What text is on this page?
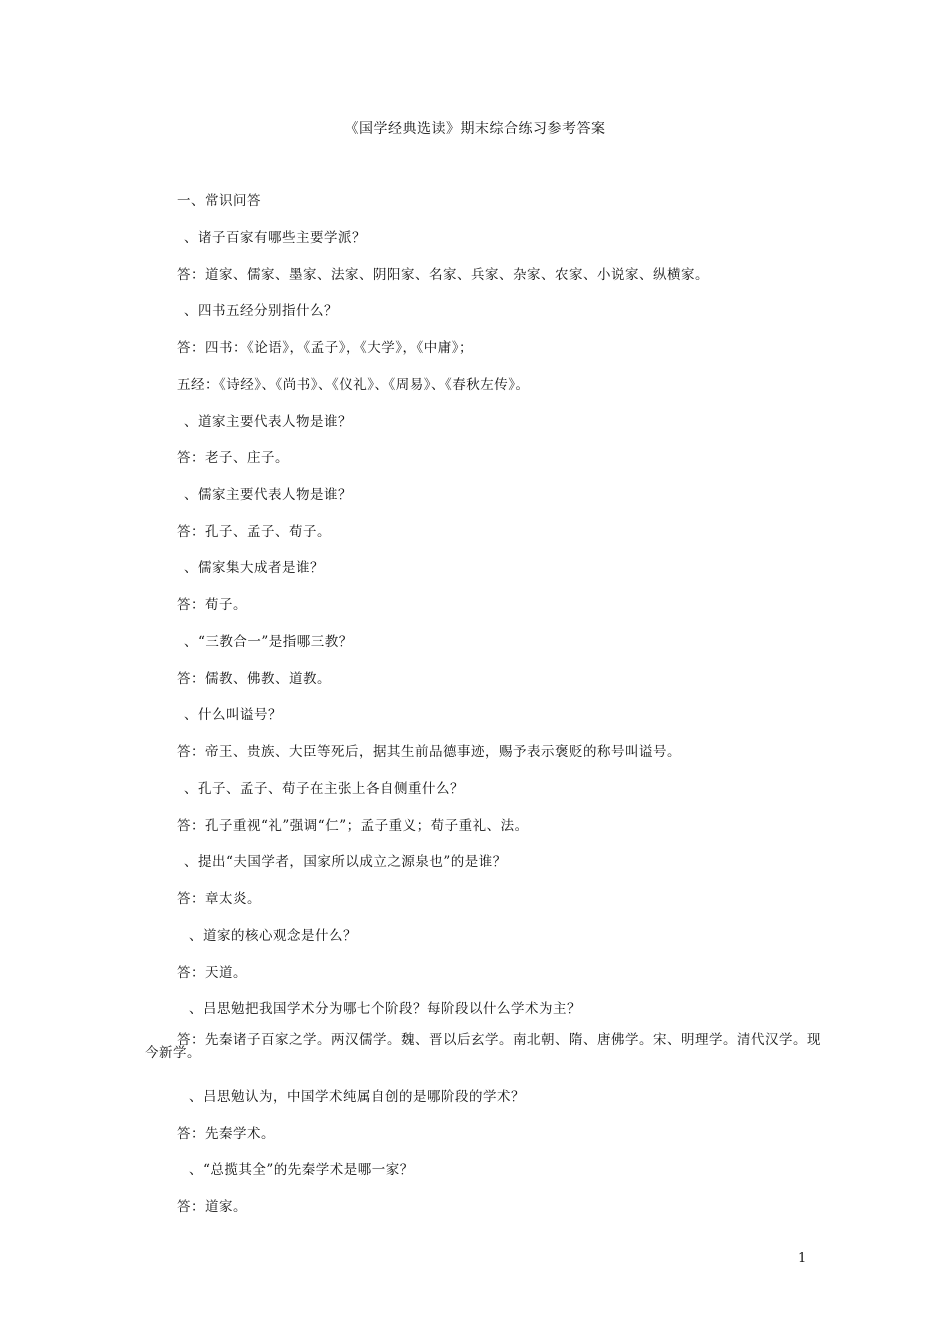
《国学经典选读》期末综合练习参考答案
一、常识问答
、诸子百家有哪些主要学派？
答：道家、儒家、墨家、法家、阴阳家、名家、兵家、杂家、农家、小说家、纵横家。
、四书五经分别指什么？
答：四书：《论语》，《孟子》，《大学》，《中庸》；
五经：《诗经》、《尚书》、《仪礼》、《周易》、《春秋左传》。
、道家主要代表人物是谁？
答：老子、庄子。
、儒家主要代表人物是谁？
答：孔子、孟子、荀子。
、儒家集大成者是谁？
答：荀子。
、“三教合一”是指哪三教？
答：儒教、佛教、道教。
、什么叫谥号？
答：帝王、贵族、大臣等死后，据其生前品德事迹，赐予表示褒贬的称号叫谥号。
、孔子、孟子、荀子在主张上各自侧重什么？
答：孔子重视“礼”强调“仁”；孟子重义；荀子重礼、法。
、提出“夫国学者，国家所以成立之源泉也”的是谁？
答：章太炎。
、道家的核心观念是什么？
答：天道。
、吕思勉把我国学术分为哪七个阶段？每阶段以什么学术为主？
答：先秦诸子百家之学。两汉儒学。魏、晋以后玄学。南北朝、隋、唐佛学。宋、明理学。清代汉学。现今新学。
、吕思勉认为，中国学术纯属自创的是哪阶段的学术？
答：先秦学术。
、“总揽其全”的先秦学术是哪一家？
答：道家。
1
